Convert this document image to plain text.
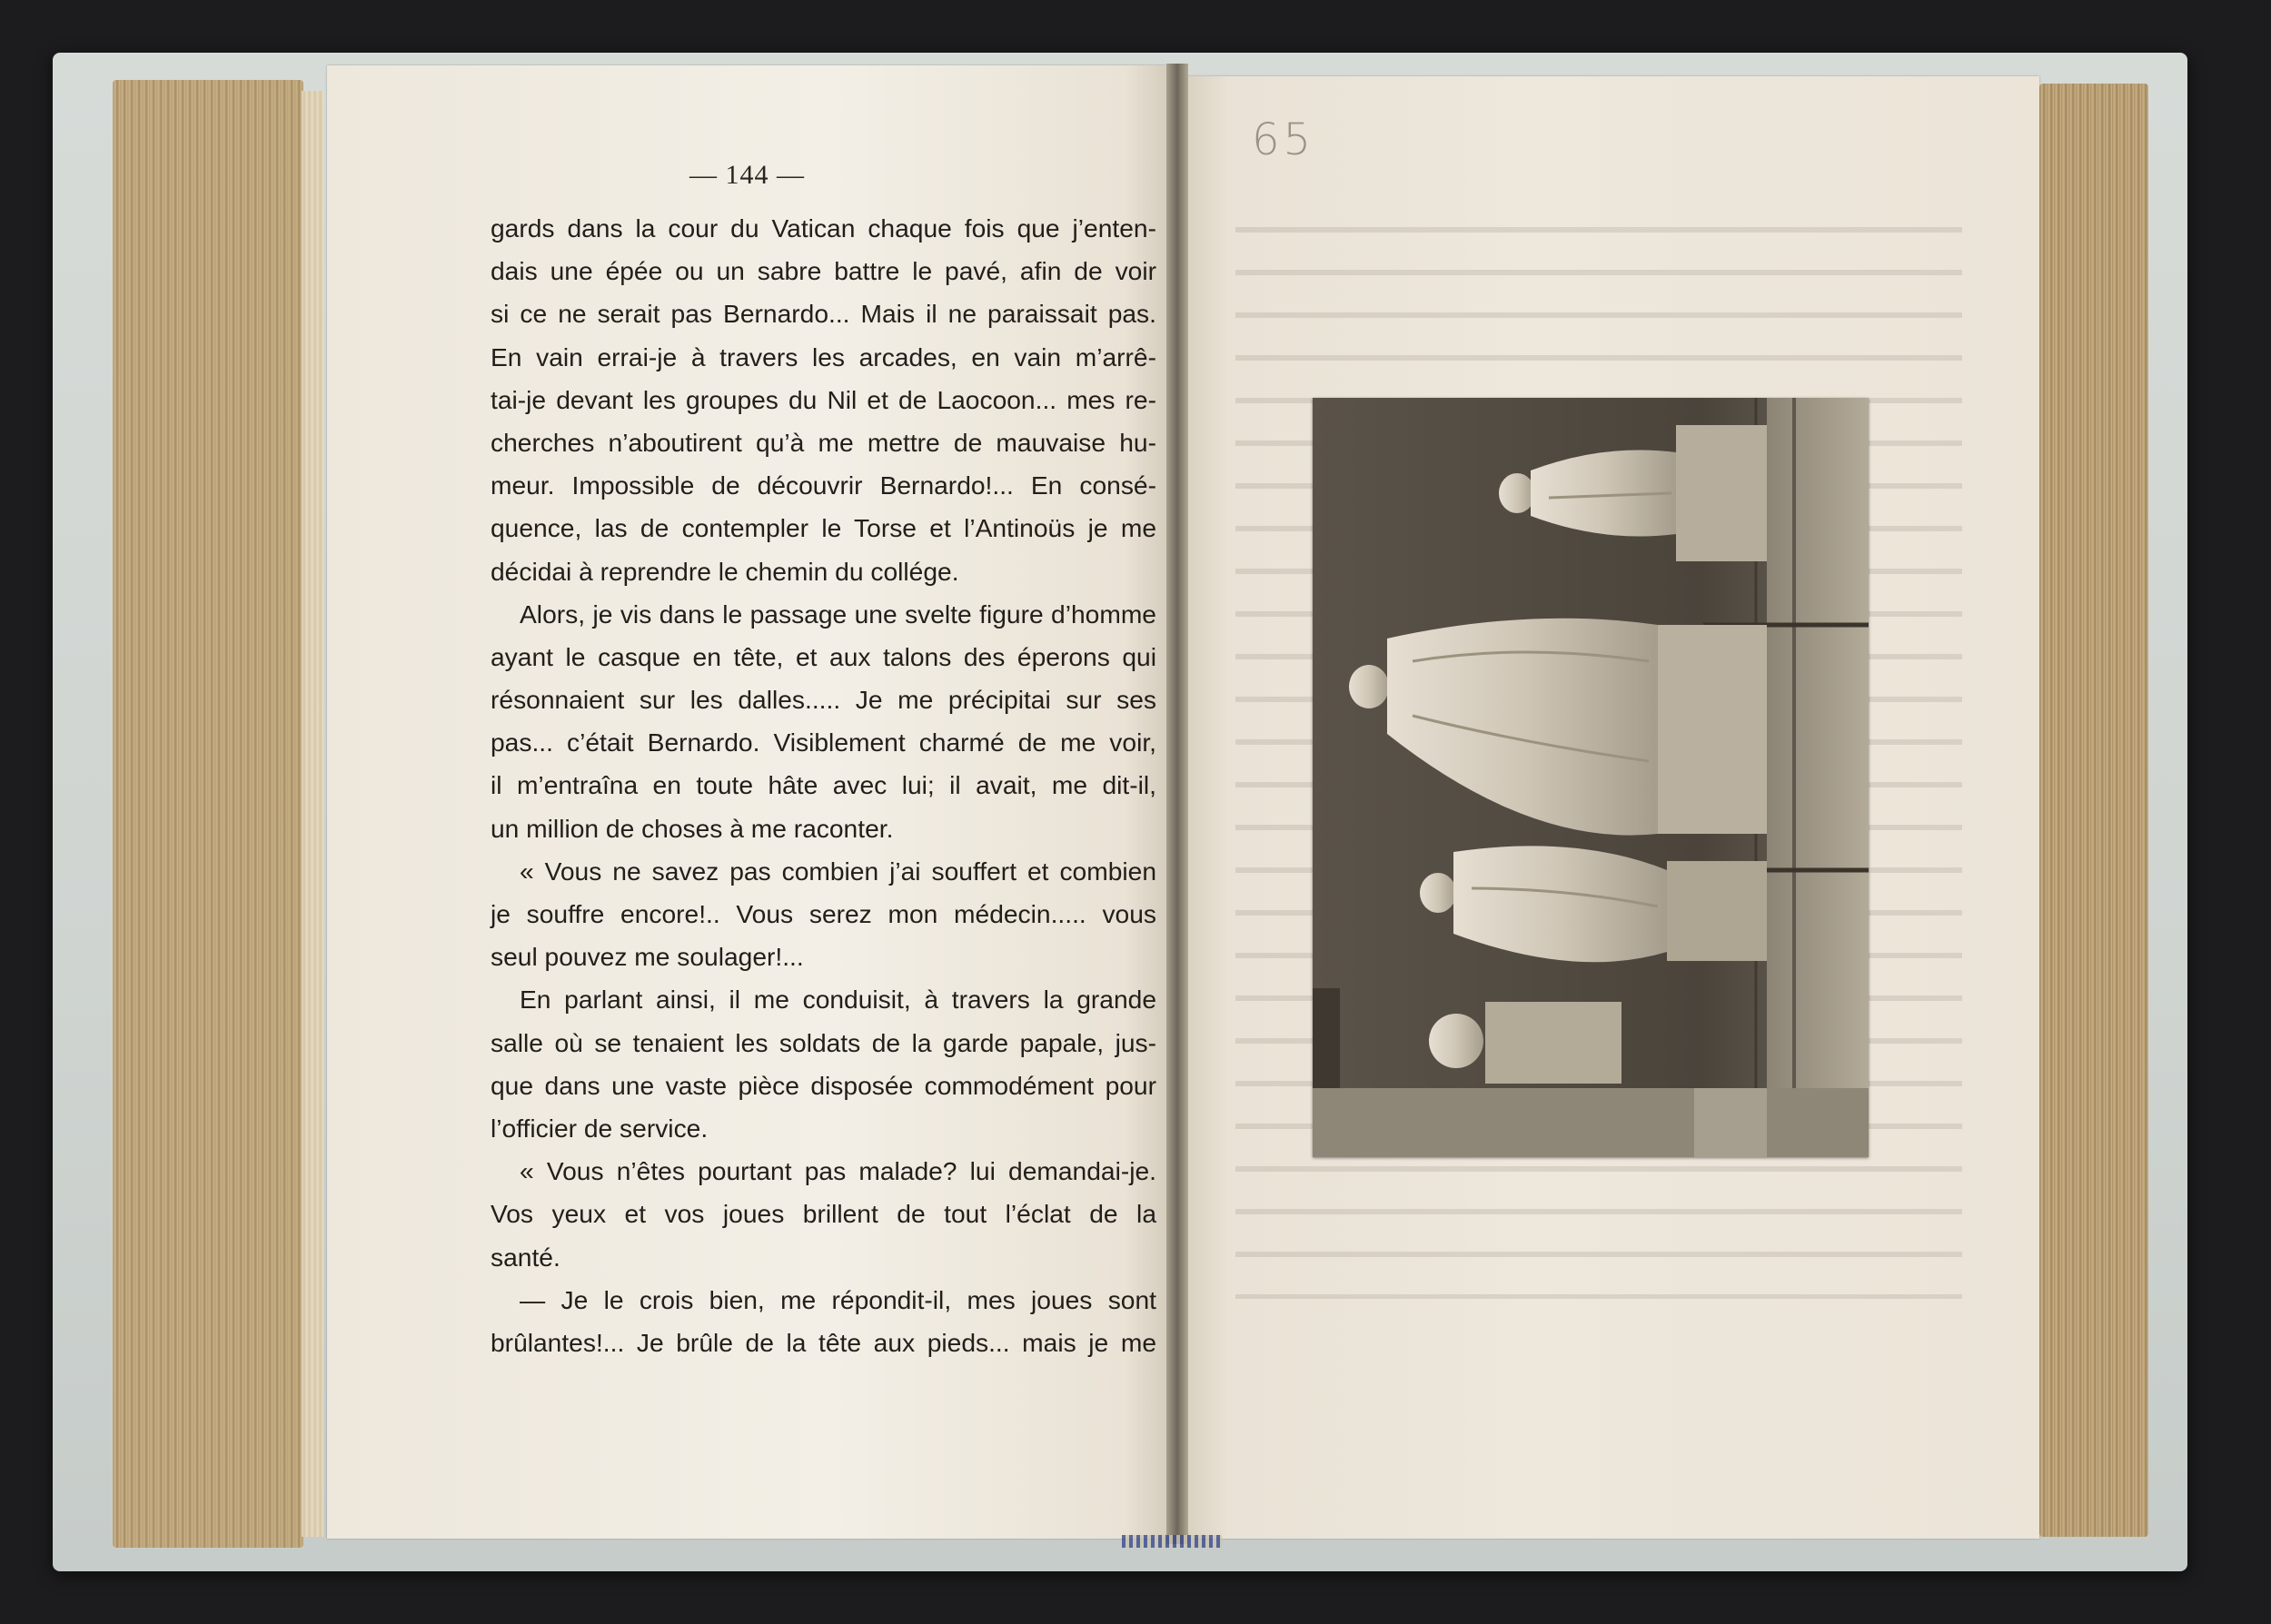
— 144 —
gards dans la cour du Vatican chaque fois que j’enten-
dais une épée ou un sabre battre le pavé, afin de voir
si ce ne serait pas Bernardo... Mais il ne paraissait pas.
En vain errai-je à travers les arcades, en vain m’arrê-
tai-je devant les groupes du Nil et de Laocoon... mes re-
cherches n’aboutirent qu’à me mettre de mauvaise hu-
meur. Impossible de découvrir Bernardo!... En consé-
quence, las de contempler le Torse et l’Antinoüs je me
décidai à reprendre le chemin du collége.
Alors, je vis dans le passage une svelte figure d’homme
ayant le casque en tête, et aux talons des éperons qui
résonnaient sur les dalles..... Je me précipitai sur ses
pas... c’était Bernardo. Visiblement charmé de me voir,
il m’entraîna en toute hâte avec lui; il avait, me dit-il,
un million de choses à me raconter.
« Vous ne savez pas combien j’ai souffert et combien
je souffre encore!.. Vous serez mon médecin..... vous
seul pouvez me soulager!...
En parlant ainsi, il me conduisit, à travers la grande
salle où se tenaient les soldats de la garde papale, jus-
que dans une vaste pièce disposée commodément pour
l’officier de service.
« Vous n’êtes pourtant pas malade? lui demandai-je.
Vos yeux et vos joues brillent de tout l’éclat de la
santé.
— Je le crois bien, me répondit-il, mes joues sont
brûlantes!... Je brûle de la tête aux pieds... mais je me
65
